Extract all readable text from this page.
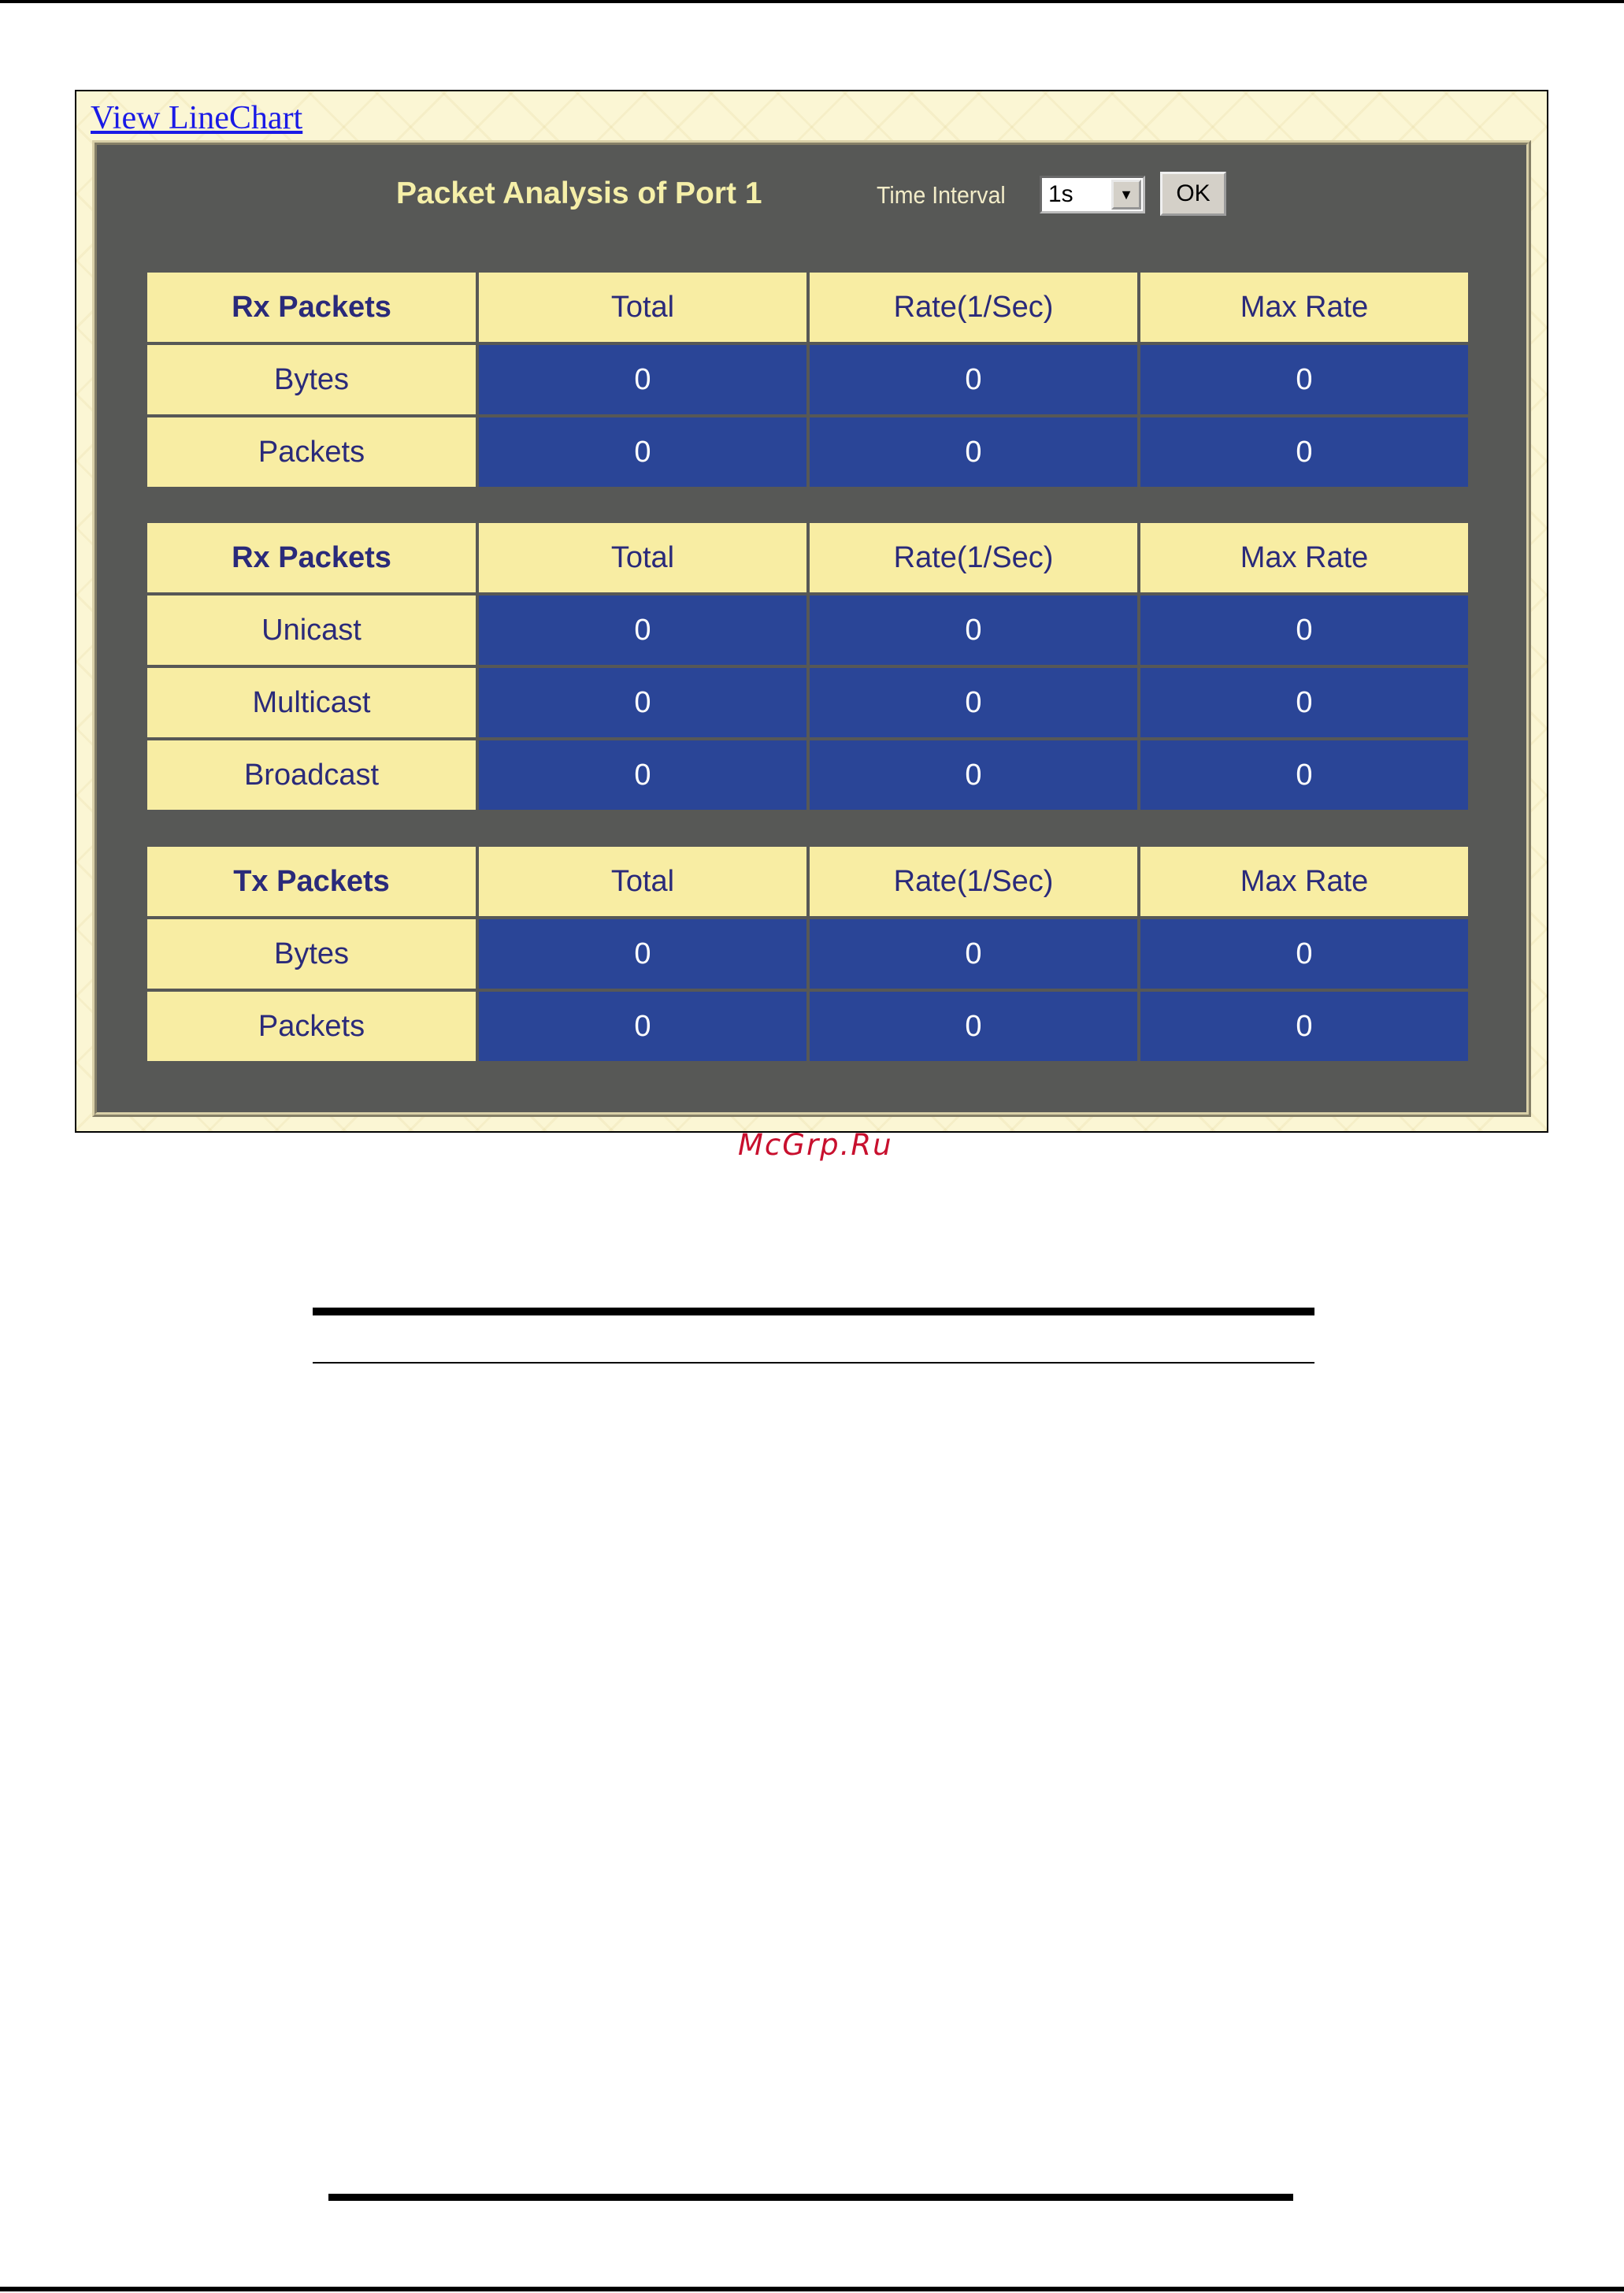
View LineChart
Packet Analysis of Port 1	Time Interval	1s	▼	OK
Rx Packets	Total	Rate(1/Sec)	Max Rate
Bytes	0	0	0
Packets	0	0	0
Rx Packets	Total	Rate(1/Sec)	Max Rate
Unicast	0	0	0
Multicast	0	0	0
Broadcast	0	0	0
Tx Packets	Total	Rate(1/Sec)	Max Rate
Bytes	0	0	0
Packets	0	0	0
McGrp.Ru
